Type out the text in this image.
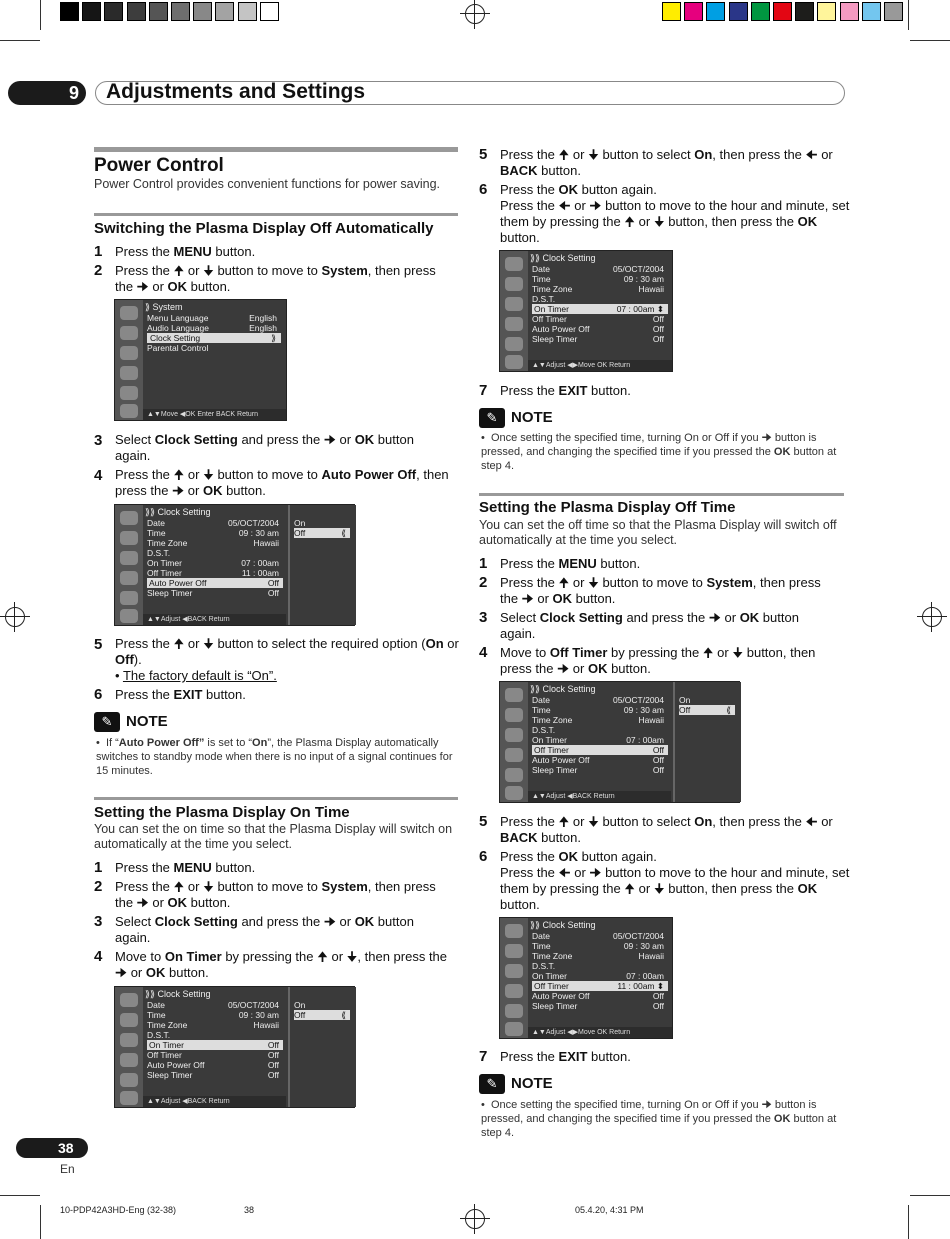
9 Adjustments and Settings
Power Control
Power Control provides convenient functions for power saving.
Switching the Plasma Display Off Automatically
1 Press the MENU button.
2 Press the 🠉 or 🠋 button to move to System, then press the 🠊 or OK button.
⟫ System
Menu Language	English
Audio Language	English
Clock Setting	⟫
Parental Control
▲▼Move ◀OK Enter BACK Return
3 Select Clock Setting and press the 🠊 or OK button again.
4 Press the 🠉 or 🠋 button to move to Auto Power Off, then press the 🠊 or OK button.
⟫⟫ Clock Setting
Date	05/OCT/2004
Time	09 : 30 am
Time Zone	Hawaii
D.S.T.
On Timer	07 : 00am
Off Timer	11 : 00am
Auto Power Off	Off
Sleep Timer	Off
On
Off	⟪
▲▼Adjust ◀BACK Return
5 Press the 🠉 or 🠋 button to select the required option (On or Off).
• The factory default is “On”.
6 Press the EXIT button.
✎ NOTE
•  If “Auto Power Off” is set to “On”, the Plasma Display automatically switches to standby mode when there is no input of a signal continues for 15 minutes.
Setting the Plasma Display On Time
You can set the on time so that the Plasma Display will switch on automatically at the time you select.
1 Press the MENU button.
2 Press the 🠉 or 🠋 button to move to System, then press the 🠊 or OK button.
3 Select Clock Setting and press the 🠊 or OK button again.
4 Move to On Timer by pressing the 🠉 or 🠋, then press the 🠊 or OK button.
⟫⟫ Clock Setting
Date	05/OCT/2004
Time	09 : 30 am
Time Zone	Hawaii
D.S.T.
On Timer	Off
Off Timer	Off
Auto Power Off	Off
Sleep Timer	Off
On
Off	⟪
▲▼Adjust ◀BACK Return
5 Press the 🠉 or 🠋 button to select On, then press the 🠈 or BACK button.
6 Press the OK button again.
Press the 🠈 or 🠊 button to move to the hour and minute, set them by pressing the 🠉 or 🠋 button, then press the OK button.
⟫⟫ Clock Setting
Date	05/OCT/2004
Time	09 : 30 am
Time Zone	Hawaii
D.S.T.
On Timer	07 : 00am ⬍
Off Timer	Off
Auto Power Off	Off
Sleep Timer	Off
▲▼Adjust ◀▶Move OK Return
7 Press the EXIT button.
✎ NOTE
•  Once setting the specified time, turning On or Off if you 🠊 button is pressed, and changing the specified time if you pressed the OK button at step 4.
Setting the Plasma Display Off Time
You can set the off time so that the Plasma Display will switch off automatically at the time you select.
1 Press the MENU button.
2 Press the 🠉 or 🠋 button to move to System, then press the 🠊 or OK button.
3 Select Clock Setting and press the 🠊 or OK button again.
4 Move to Off Timer by pressing the 🠉 or 🠋 button, then press the 🠊 or OK button.
⟫⟫ Clock Setting
Date	05/OCT/2004
Time	09 : 30 am
Time Zone	Hawaii
D.S.T.
On Timer	07 : 00am
Off Timer	Off
Auto Power Off	Off
Sleep Timer	Off
On
Off	⟪
▲▼Adjust ◀BACK Return
5 Press the 🠉 or 🠋 button to select On, then press the 🠈 or BACK button.
6 Press the OK button again.
Press the 🠈 or 🠊 button to move to the hour and minute, set them by pressing the 🠉 or 🠋 button, then press the OK button.
⟫⟫ Clock Setting
Date	05/OCT/2004
Time	09 : 30 am
Time Zone	Hawaii
D.S.T.
On Timer	07 : 00am
Off Timer	11 : 00am ⬍
Auto Power Off	Off
Sleep Timer	Off
▲▼Adjust ◀▶Move OK Return
7 Press the EXIT button.
✎ NOTE
•  Once setting the specified time, turning On or Off if you 🠊 button is pressed, and changing the specified time if you pressed the OK button at step 4.
38
En
10-PDP42A3HD-Eng (32-38)	38	05.4.20, 4:31 PM
